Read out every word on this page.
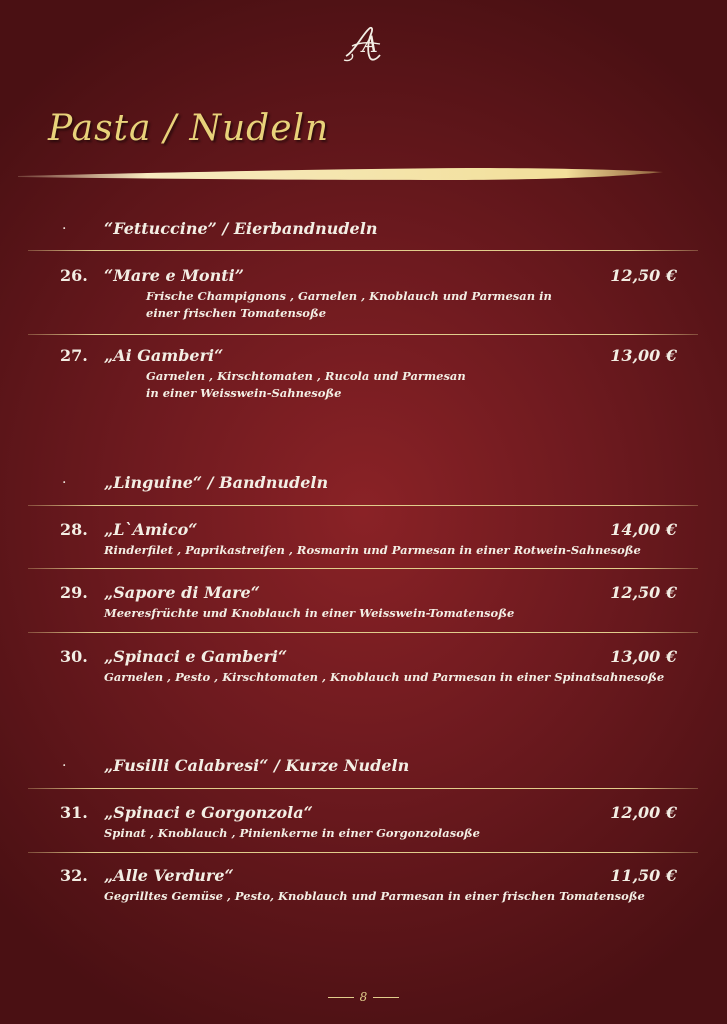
A
Pasta / Nudeln
· “Fettuccine” / Eierbandnudeln
26. “Mare e Monti”	12,50 €
Frische Champignons , Garnelen , Knoblauch und Parmesan in
einer frischen Tomatensoße
27. „Ai Gamberi“	13,00 €
Garnelen , Kirschtomaten , Rucola und Parmesan
in einer Weisswein-Sahnesoße
· „Linguine“ / Bandnudeln
28. „L`Amico“	14,00 €
Rinderfilet , Paprikastreifen , Rosmarin und Parmesan in einer Rotwein-Sahnesoße
29. „Sapore di Mare“	12,50 €
Meeresfrüchte und Knoblauch in einer Weisswein-Tomatensoße
30. „Spinaci e Gamberi“	13,00 €
Garnelen , Pesto , Kirschtomaten , Knoblauch und Parmesan in einer Spinatsahnesoße
· „Fusilli Calabresi“ / Kurze Nudeln
31. „Spinaci e Gorgonzola“	12,00 €
Spinat , Knoblauch , Pinienkerne in einer Gorgonzolasoße
32. „Alle Verdure“	11,50 €
Gegrilltes Gemüse , Pesto, Knoblauch und Parmesan in einer frischen Tomatensoße
8
